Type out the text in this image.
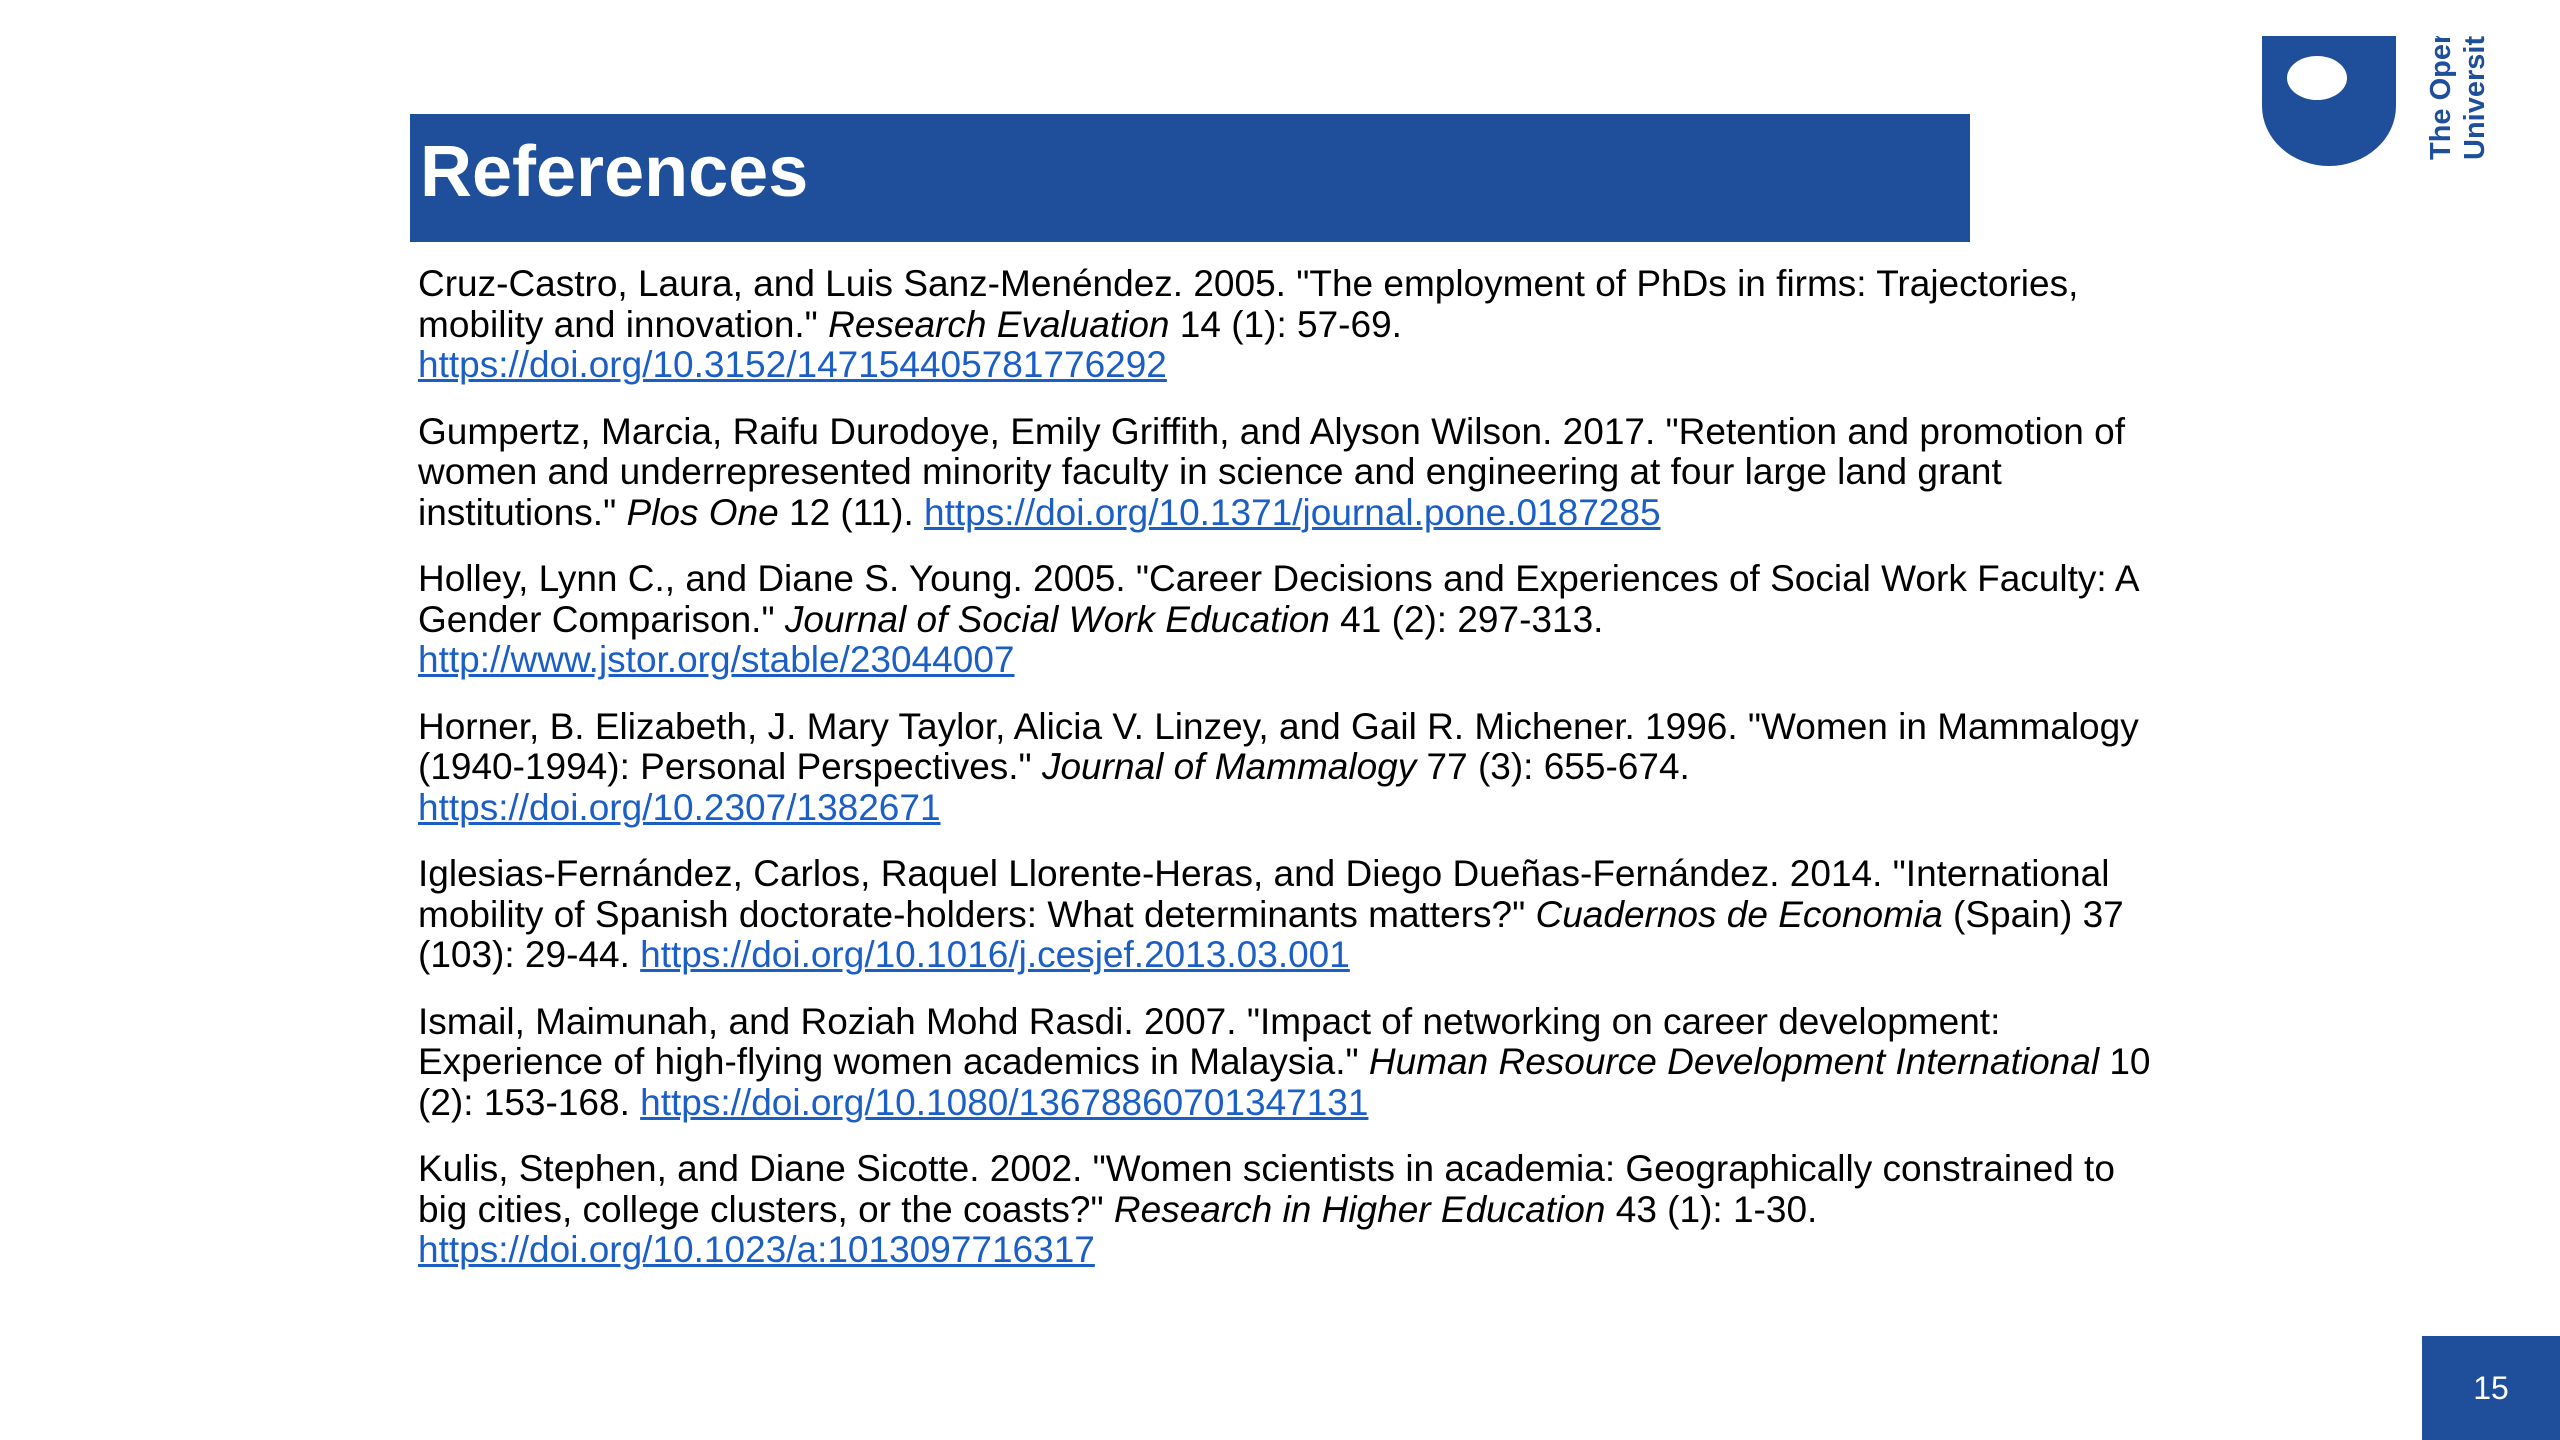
References
The Open University

Cruz-Castro, Laura, and Luis Sanz-Menéndez. 2005. "The employment of PhDs in firms: Trajectories, mobility and innovation." Research Evaluation 14 (1): 57-69. https://doi.org/10.3152/147154405781776292

Gumpertz, Marcia, Raifu Durodoye, Emily Griffith, and Alyson Wilson. 2017. "Retention and promotion of women and underrepresented minority faculty in science and engineering at four large land grant institutions." Plos One 12 (11). https://doi.org/10.1371/journal.pone.0187285

Holley, Lynn C., and Diane S. Young. 2005. "Career Decisions and Experiences of Social Work Faculty: A Gender Comparison." Journal of Social Work Education 41 (2): 297-313. http://www.jstor.org/stable/23044007

Horner, B. Elizabeth, J. Mary Taylor, Alicia V. Linzey, and Gail R. Michener. 1996. "Women in Mammalogy (1940-1994): Personal Perspectives." Journal of Mammalogy 77 (3): 655-674. https://doi.org/10.2307/1382671

Iglesias-Fernández, Carlos, Raquel Llorente-Heras, and Diego Dueñas-Fernández. 2014. "International mobility of Spanish doctorate-holders: What determinants matters?" Cuadernos de Economia (Spain) 37 (103): 29-44. https://doi.org/10.1016/j.cesjef.2013.03.001

Ismail, Maimunah, and Roziah Mohd Rasdi. 2007. "Impact of networking on career development: Experience of high-flying women academics in Malaysia." Human Resource Development International 10 (2): 153-168. https://doi.org/10.1080/13678860701347131

Kulis, Stephen, and Diane Sicotte. 2002. "Women scientists in academia: Geographically constrained to big cities, college clusters, or the coasts?" Research in Higher Education 43 (1): 1-30. https://doi.org/10.1023/a:1013097716317

15
